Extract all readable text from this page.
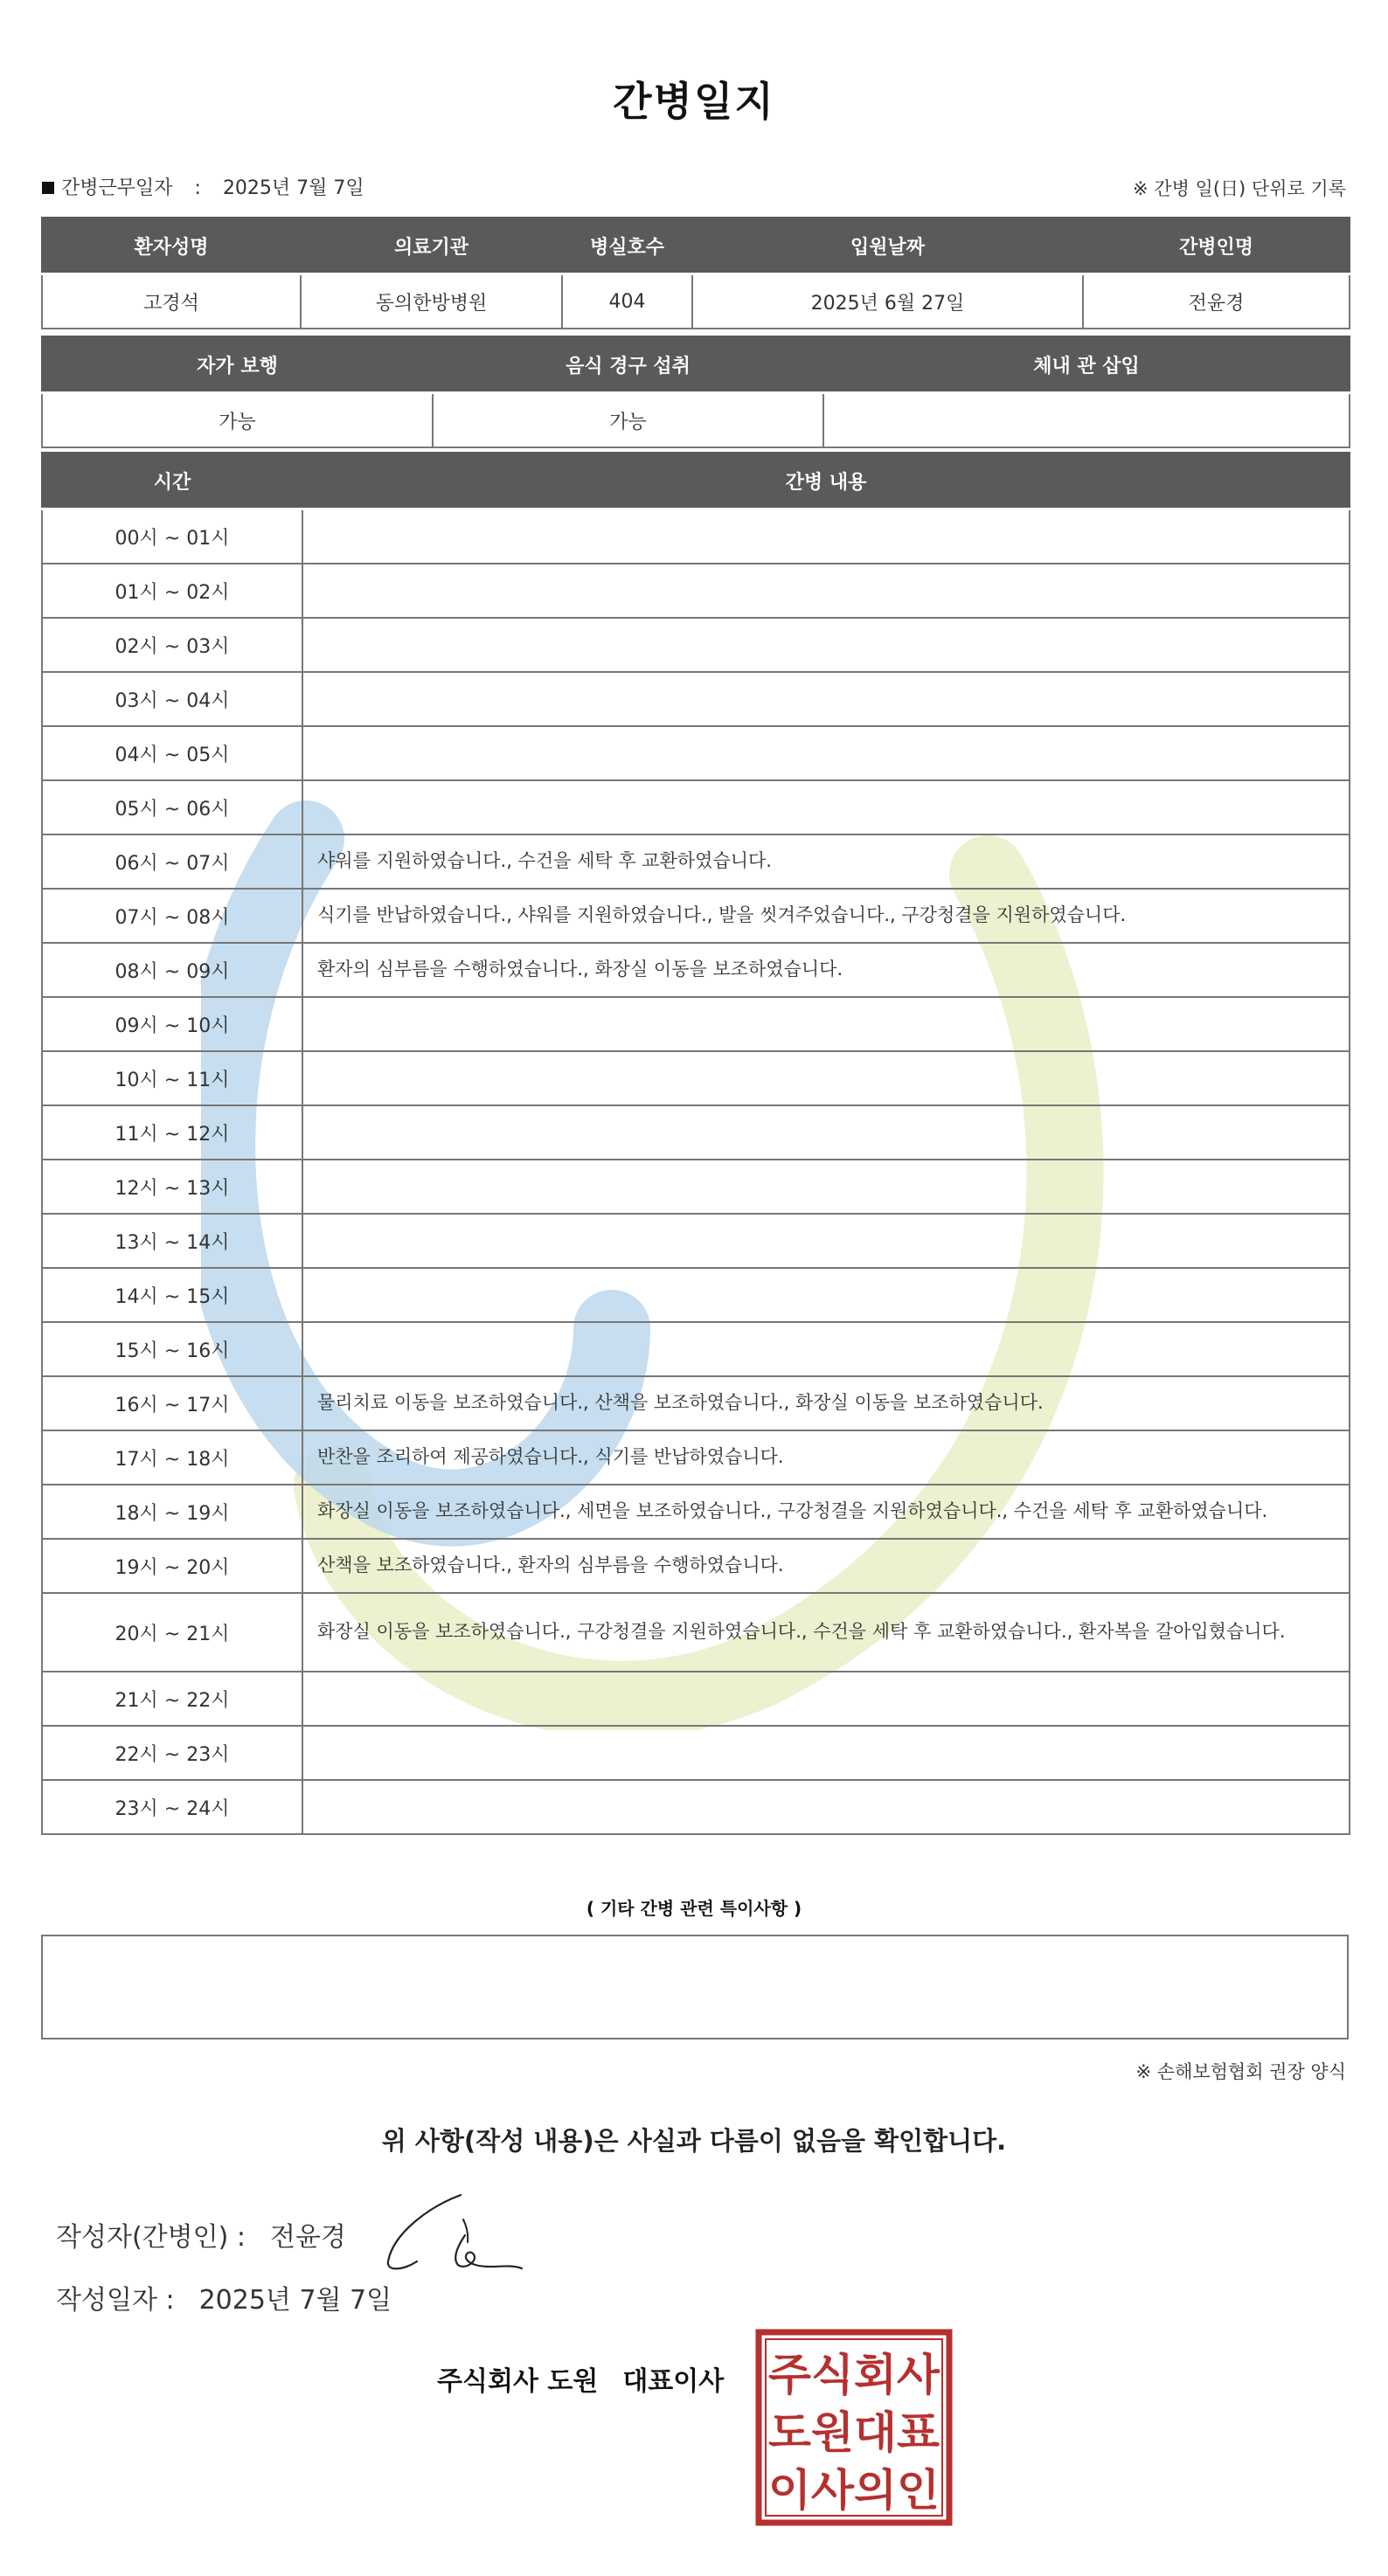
간병일지
간병근무일자 : 2025년 7월 7일	※ 간병 일(日) 단위로 기록
환자성명	의료기관	병실호수	입원날짜	간병인명
고경석	동의한방병원	404	2025년 6월 27일	전윤경
자가 보행	음식 경구 섭취	체내 관 삽입
가능	가능	
시간	간병 내용
00시 ~ 01시	
01시 ~ 02시	
02시 ~ 03시	
03시 ~ 04시	
04시 ~ 05시	
05시 ~ 06시	
06시 ~ 07시	샤워를 지원하였습니다., 수건을 세탁 후 교환하였습니다.
07시 ~ 08시	식기를 반납하였습니다., 샤워를 지원하였습니다., 발을 씻겨주었습니다., 구강청결을 지원하였습니다.
08시 ~ 09시	환자의 심부름을 수행하였습니다., 화장실 이동을 보조하였습니다.
09시 ~ 10시	
10시 ~ 11시	
11시 ~ 12시	
12시 ~ 13시	
13시 ~ 14시	
14시 ~ 15시	
15시 ~ 16시	
16시 ~ 17시	물리치료 이동을 보조하였습니다., 산책을 보조하였습니다., 화장실 이동을 보조하였습니다.
17시 ~ 18시	반찬을 조리하여 제공하였습니다., 식기를 반납하였습니다.
18시 ~ 19시	화장실 이동을 보조하였습니다., 세면을 보조하였습니다., 구강청결을 지원하였습니다., 수건을 세탁 후 교환하였습니다.
19시 ~ 20시	산책을 보조하였습니다., 환자의 심부름을 수행하였습니다.
20시 ~ 21시	화장실 이동을 보조하였습니다., 구강청결을 지원하였습니다., 수건을 세탁 후 교환하였습니다., 환자복을 갈아입혔습니다.
21시 ~ 22시	
22시 ~ 23시	
23시 ~ 24시	
( 기타 간병 관련 특이사항 )
※ 손해보험협회 권장 양식
위 사항(작성 내용)은 사실과 다름이 없음을 확인합니다.
작성자(간병인) : 전윤경
작성일자 : 2025년 7월 7일
주식회사 도원 대표이사 주식회사
도원대표
이사의인
